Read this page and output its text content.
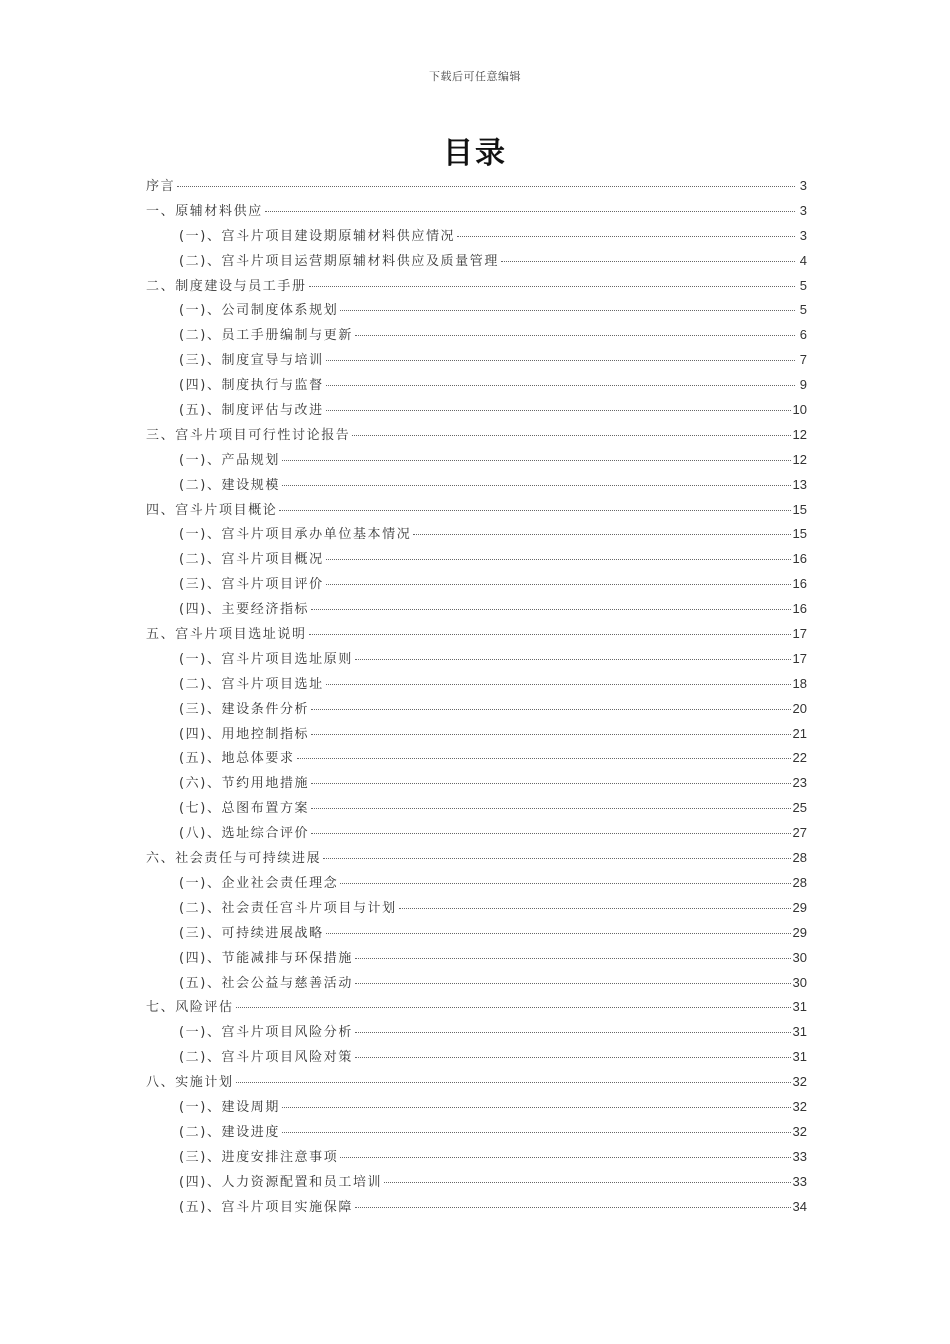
下载后可任意编辑
目录
序言	3
一、原辅材料供应	3
(一)、宫斗片项目建设期原辅材料供应情况	3
(二)、宫斗片项目运营期原辅材料供应及质量管理	4
二、制度建设与员工手册	5
(一)、公司制度体系规划	5
(二)、员工手册编制与更新	6
(三)、制度宣导与培训	7
(四)、制度执行与监督	9
(五)、制度评估与改进	10
三、宫斗片项目可行性讨论报告	12
(一)、产品规划	12
(二)、建设规模	13
四、宫斗片项目概论	15
(一)、宫斗片项目承办单位基本情况	15
(二)、宫斗片项目概况	16
(三)、宫斗片项目评价	16
(四)、主要经济指标	16
五、宫斗片项目选址说明	17
(一)、宫斗片项目选址原则	17
(二)、宫斗片项目选址	18
(三)、建设条件分析	20
(四)、用地控制指标	21
(五)、地总体要求	22
(六)、节约用地措施	23
(七)、总图布置方案	25
(八)、选址综合评价	27
六、社会责任与可持续进展	28
(一)、企业社会责任理念	28
(二)、社会责任宫斗片项目与计划	29
(三)、可持续进展战略	29
(四)、节能减排与环保措施	30
(五)、社会公益与慈善活动	30
七、风险评估	31
(一)、宫斗片项目风险分析	31
(二)、宫斗片项目风险对策	31
八、实施计划	32
(一)、建设周期	32
(二)、建设进度	32
(三)、进度安排注意事项	33
(四)、人力资源配置和员工培训	33
(五)、宫斗片项目实施保障	34
